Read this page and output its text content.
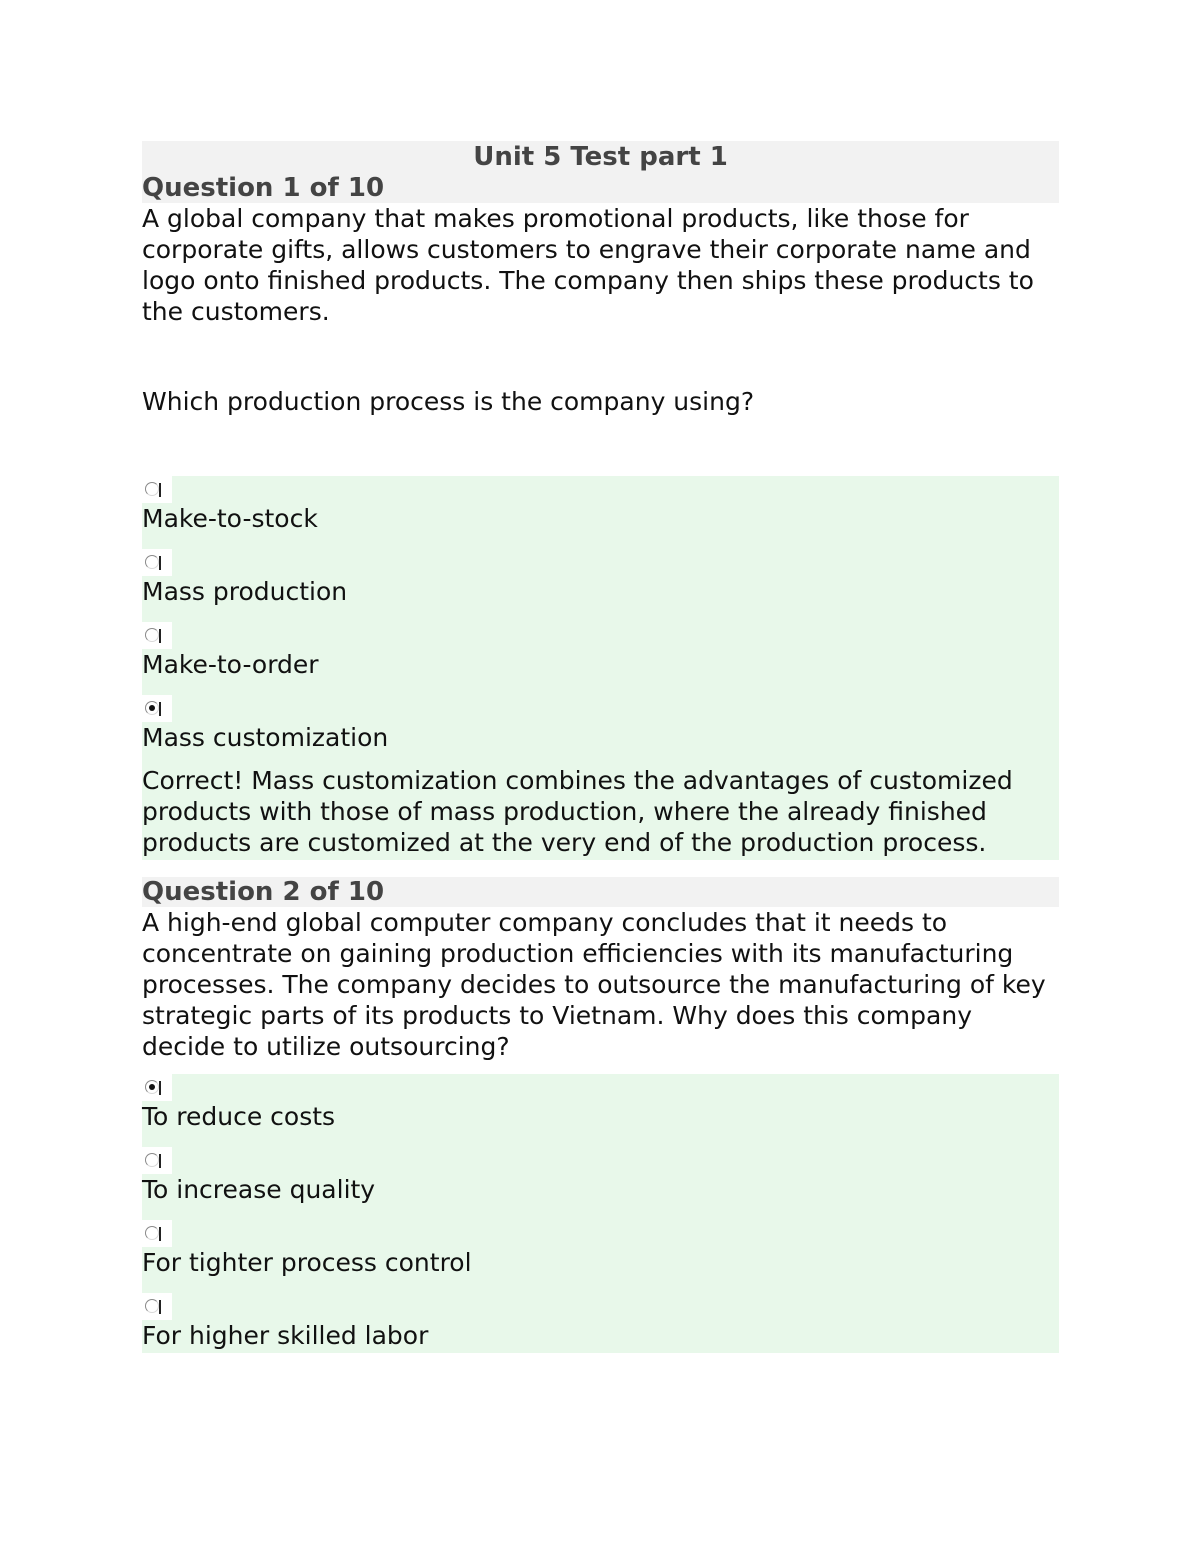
Unit 5 Test part 1
Question 1 of 10

A global company that makes promotional products, like those for corporate gifts, allows customers to engrave their corporate name and logo onto finished products. The company then ships these products to the customers.

Which production process is the company using?

Make-to-stock
Mass production
Make-to-order
Mass customization

Correct! Mass customization combines the advantages of customized products with those of mass production, where the already finished products are customized at the very end of the production process.

Question 2 of 10

A high-end global computer company concludes that it needs to concentrate on gaining production efficiencies with its manufacturing processes. The company decides to outsource the manufacturing of key strategic parts of its products to Vietnam. Why does this company decide to utilize outsourcing?

To reduce costs
To increase quality
For tighter process control
For higher skilled labor
